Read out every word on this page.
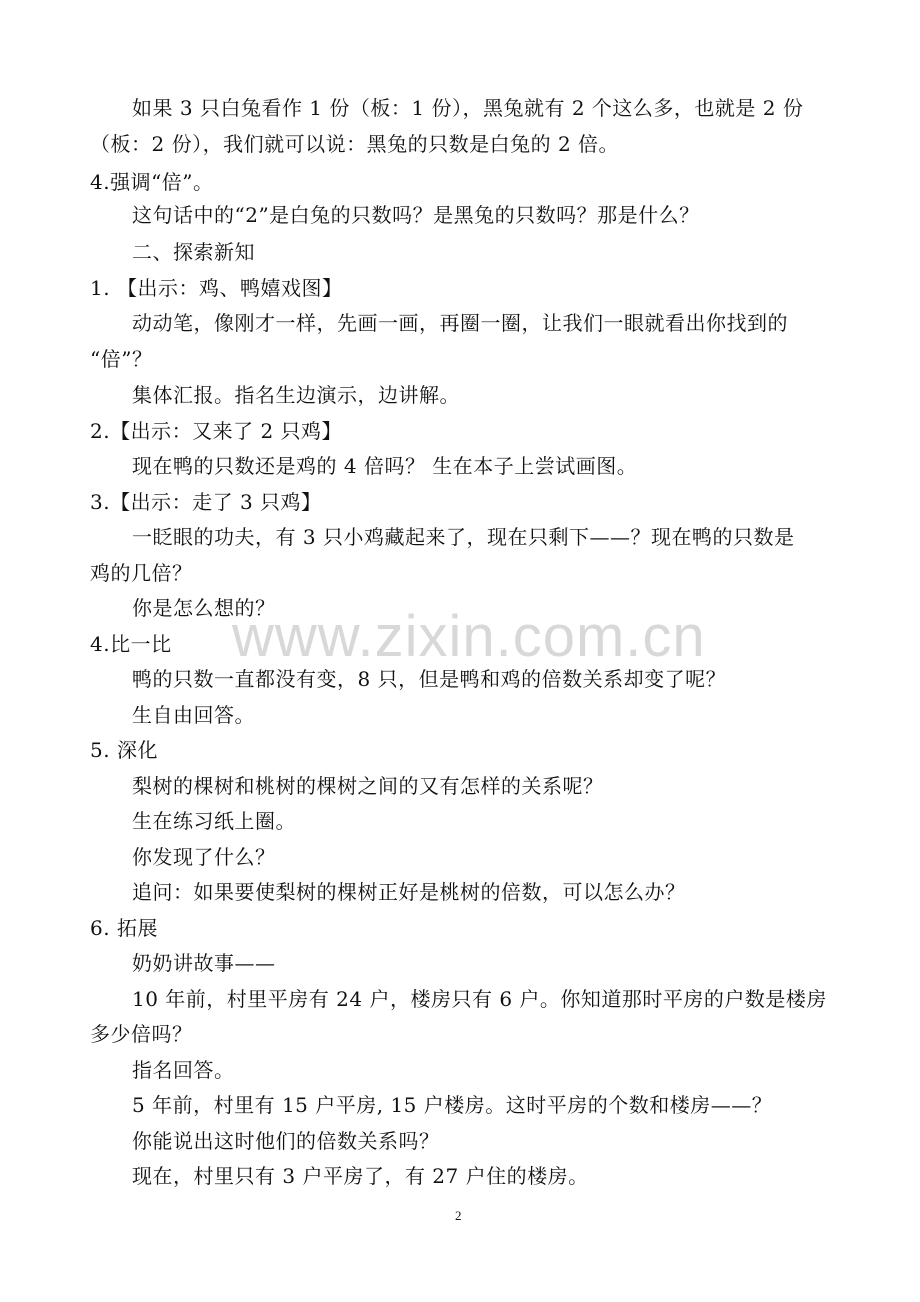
如果 3 只白兔看作 1 份（板：1 份），黑兔就有 2 个这么多，也就是 2 份
（板：2 份），我们就可以说：黑兔的只数是白兔的 2 倍。
4.强调“倍”。
这句话中的“2”是白兔的只数吗？是黑兔的只数吗？那是什么？
二、探索新知
1. 【出示：鸡、鸭嬉戏图】
动动笔，像刚才一样，先画一画，再圈一圈，让我们一眼就看出你找到的
“倍”？
集体汇报。指名生边演示，边讲解。
2.【出示：又来了 2 只鸡】
现在鸭的只数还是鸡的 4 倍吗？ 生在本子上尝试画图。
3.【出示：走了 3 只鸡】
一眨眼的功夫，有 3 只小鸡藏起来了，现在只剩下——？现在鸭的只数是
鸡的几倍？
你是怎么想的？
4.比一比
鸭的只数一直都没有变，8 只，但是鸭和鸡的倍数关系却变了呢？
生自由回答。
5. 深化
梨树的棵树和桃树的棵树之间的又有怎样的关系呢？
生在练习纸上圈。
你发现了什么？
追问：如果要使梨树的棵树正好是桃树的倍数，可以怎么办？
6. 拓展
奶奶讲故事——
10 年前，村里平房有 24 户，楼房只有 6 户。你知道那时平房的户数是楼房
多少倍吗？
指名回答。
5 年前，村里有 15 户平房, 15 户楼房。这时平房的个数和楼房——？
你能说出这时他们的倍数关系吗？
现在，村里只有 3 户平房了，有 27 户住的楼房。
www.zixin.com.cn
2
